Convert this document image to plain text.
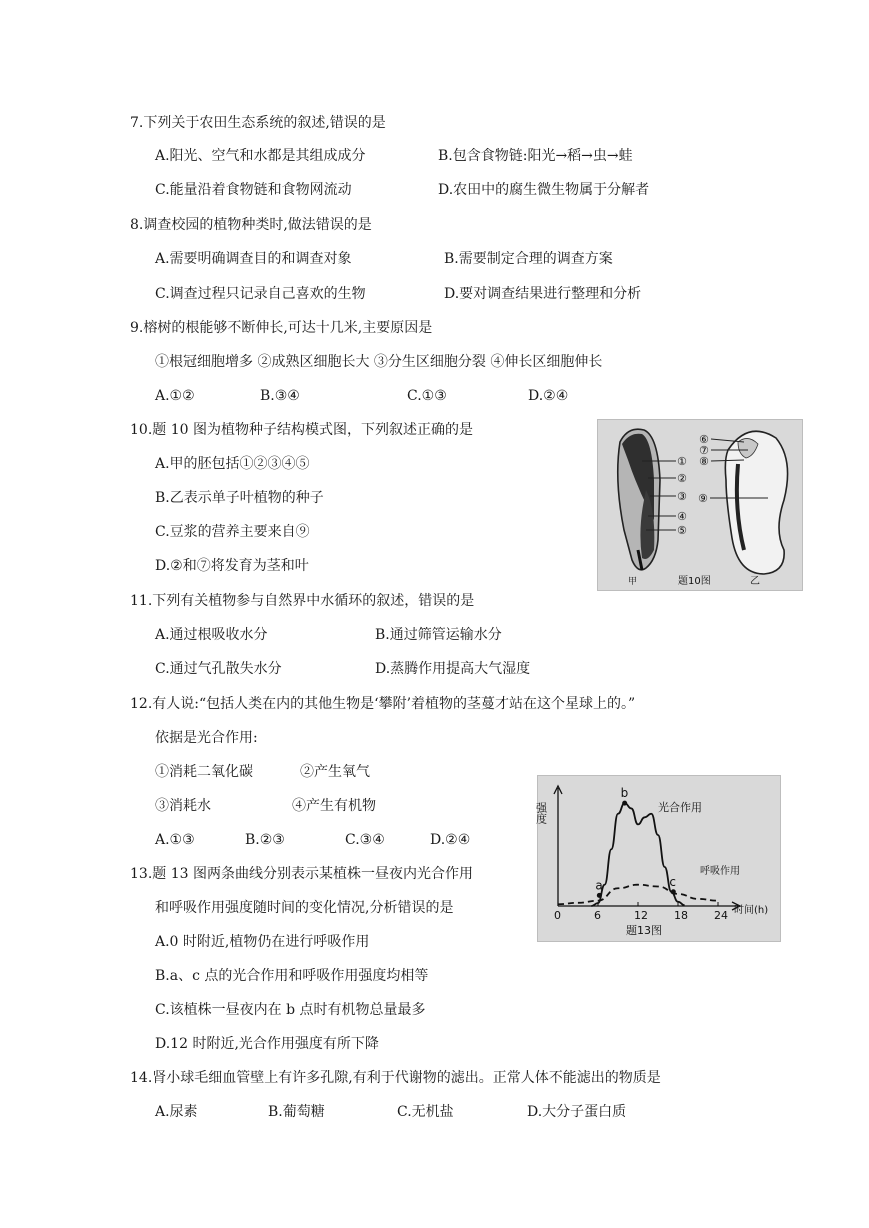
7.下列关于农田生态系统的叙述,错误的是
A.阳光、空气和水都是其组成成分	B.包含食物链:阳光→稻→虫→蛙
C.能量沿着食物链和食物网流动	D.农田中的腐生微生物属于分解者
8.调查校园的植物种类时,做法错误的是
A.需要明确调查目的和调查对象	B.需要制定合理的调查方案
C.调查过程只记录自己喜欢的生物	D.要对调查结果进行整理和分析
9.榕树的根能够不断伸长,可达十几米,主要原因是
①根冠细胞增多 ②成熟区细胞长大 ③分生区细胞分裂 ④伸长区细胞伸长
A.①②	B.③④	C.①③	D.②④
10.题 10 图为植物种子结构模式图，下列叙述正确的是
A.甲的胚包括①②③④⑤
B.乙表示单子叶植物的种子
C.豆浆的营养主要来自⑨
D.②和⑦将发育为茎和叶
①
②
③
④
⑤
⑥
⑦
⑧
⑨
甲	题10图	乙
11.下列有关植物参与自然界中水循环的叙述，错误的是
A.通过根吸收水分	B.通过筛管运输水分
C.通过气孔散失水分	D.蒸腾作用提高大气湿度
12.有人说:“包括人类在内的其他生物是‘攀附’着植物的茎蔓才站在这个星球上的。”
依据是光合作用:
①消耗二氧化碳	②产生氧气
③消耗水	④产生有机物
A.①③	B.②③	C.③④	D.②④
强度
时间(h)
题13图
0	6	12 18 24
a
b
c
光合作用
呼吸作用
13.题 13 图两条曲线分别表示某植株一昼夜内光合作用
和呼吸作用强度随时间的变化情况,分析错误的是
A.0 时附近,植物仍在进行呼吸作用
B.a、c 点的光合作用和呼吸作用强度均相等
C.该植株一昼夜内在 b 点时有机物总量最多
D.12 时附近,光合作用强度有所下降
14.肾小球毛细血管壁上有许多孔隙,有利于代谢物的滤出。正常人体不能滤出的物质是
A.尿素	B.葡萄糖	C.无机盐	D.大分子蛋白质
